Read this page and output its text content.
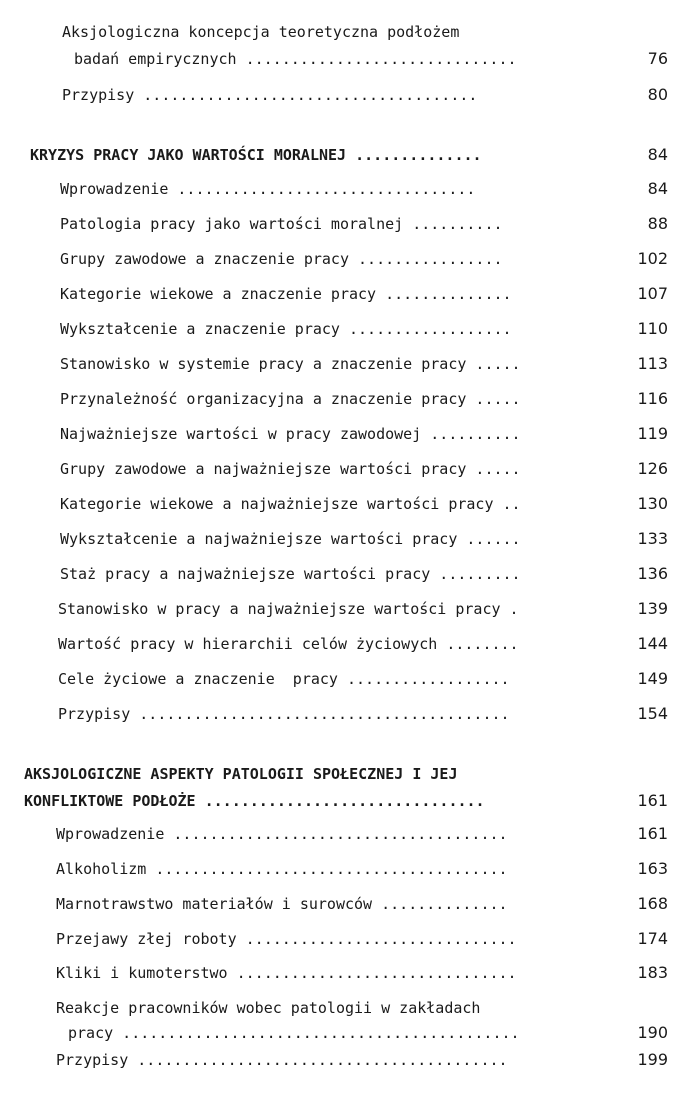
Aksjologiczna koncepcja teoretyczna podłożem
badań empirycznych ..............................	76
Przypisy .....................................	80
KRYZYS PRACY JAKO WARTOŚCI MORALNEJ ..............	84
Wprowadzenie .................................	84
Patologia pracy jako wartości moralnej ..........	88
Grupy zawodowe a znaczenie pracy ................	102
Kategorie wiekowe a znaczenie pracy ..............	107
Wykształcenie a znaczenie pracy ..................	110
Stanowisko w systemie pracy a znaczenie pracy .....	113
Przynależność organizacyjna a znaczenie pracy .....	116
Najważniejsze wartości w pracy zawodowej ..........	119
Grupy zawodowe a najważniejsze wartości pracy .....	126
Kategorie wiekowe a najważniejsze wartości pracy ..	130
Wykształcenie a najważniejsze wartości pracy ......	133
Staż pracy a najważniejsze wartości pracy .........	136
Stanowisko w pracy a najważniejsze wartości pracy .	139
Wartość pracy w hierarchii celów życiowych ........	144
Cele życiowe a znaczenie  pracy ..................	149
Przypisy .........................................	154
AKSJOLOGICZNE ASPEKTY PATOLOGII SPOŁECZNEJ I JEJ
KONFLIKTOWE PODŁOŻE ...............................	161
Wprowadzenie .....................................	161
Alkoholizm .......................................	163
Marnotrawstwo materiałów i surowców ..............	168
Przejawy złej roboty ..............................	174
Kliki i kumoterstwo ...............................	183
Reakcje pracowników wobec patologii w zakładach
pracy ............................................	190
Przypisy .........................................	199
